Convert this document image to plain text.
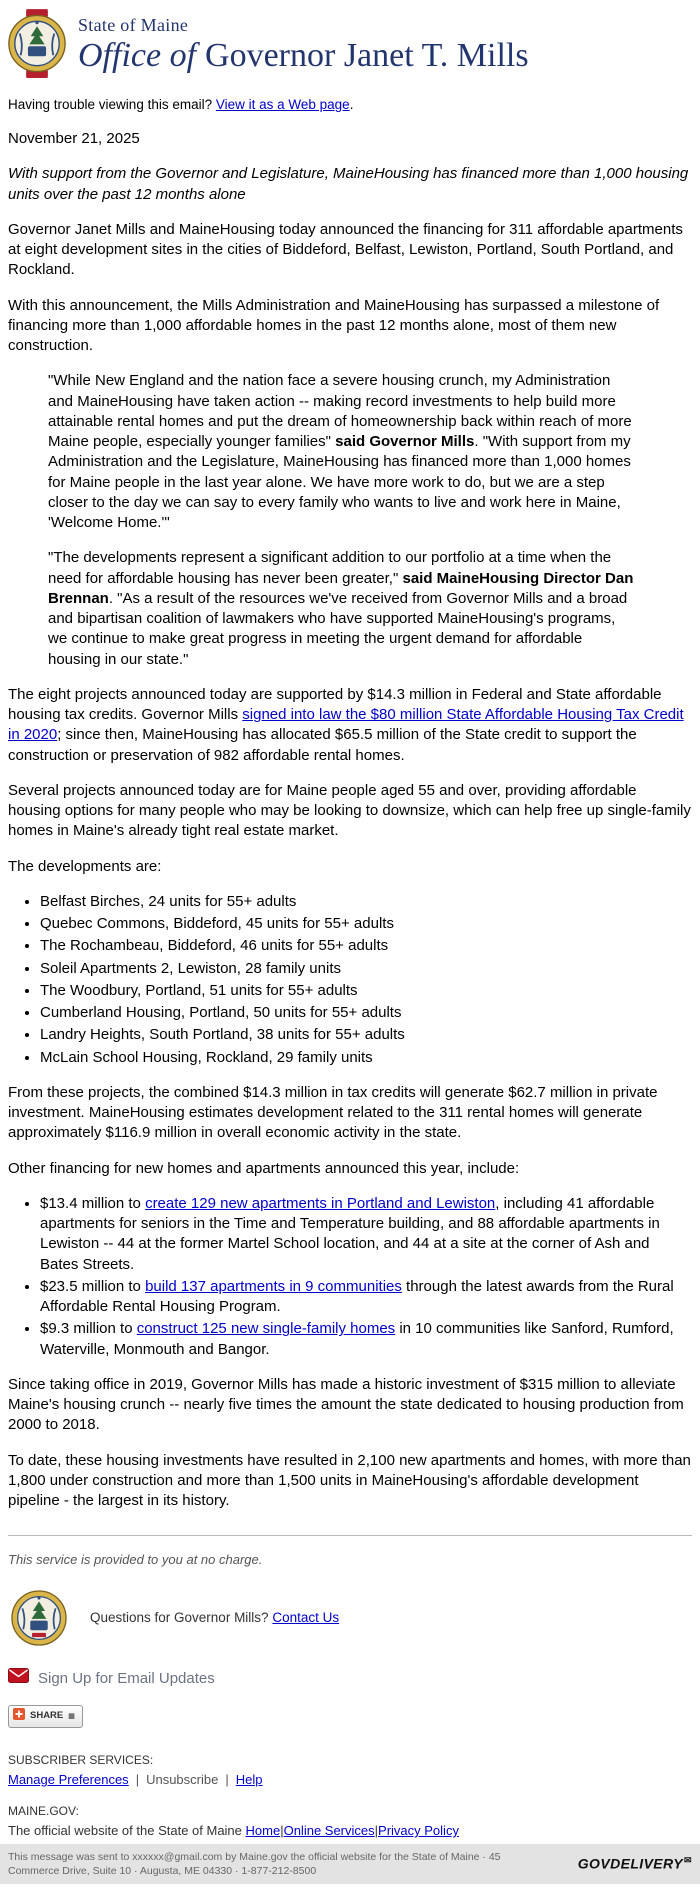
State of Maine
Office of Governor Janet T. Mills

Having trouble viewing this email? View it as a Web page.

November 21, 2025

With support from the Governor and Legislature, MaineHousing has financed more than 1,000 housing units over the past 12 months alone

Governor Janet Mills and MaineHousing today announced the financing for 311 affordable apartments at eight development sites in the cities of Biddeford, Belfast, Lewiston, Portland, South Portland, and Rockland.

With this announcement, the Mills Administration and MaineHousing has surpassed a milestone of financing more than 1,000 affordable homes in the past 12 months alone, most of them new construction.

"While New England and the nation face a severe housing crunch, my Administration and MaineHousing have taken action -- making record investments to help build more attainable rental homes and put the dream of homeownership back within reach of more Maine people, especially younger families" said Governor Mills. "With support from my Administration and the Legislature, MaineHousing has financed more than 1,000 homes for Maine people in the last year alone. We have more work to do, but we are a step closer to the day we can say to every family who wants to live and work here in Maine, 'Welcome Home.'"
"The developments represent a significant addition to our portfolio at a time when the need for affordable housing has never been greater," said MaineHousing Director Dan Brennan. "As a result of the resources we've received from Governor Mills and a broad and bipartisan coalition of lawmakers who have supported MaineHousing's programs, we continue to make great progress in meeting the urgent demand for affordable housing in our state."

The eight projects announced today are supported by $14.3 million in Federal and State affordable housing tax credits. Governor Mills signed into law the $80 million State Affordable Housing Tax Credit in 2020; since then, MaineHousing has allocated $65.5 million of the State credit to support the construction or preservation of 982 affordable rental homes.

Several projects announced today are for Maine people aged 55 and over, providing affordable housing options for many people who may be looking to downsize, which can help free up single-family homes in Maine's already tight real estate market.

The developments are:

• Belfast Birches, 24 units for 55+ adults
• Quebec Commons, Biddeford, 45 units for 55+ adults
• The Rochambeau, Biddeford, 46 units for 55+ adults
• Soleil Apartments 2, Lewiston, 28 family units
• The Woodbury, Portland, 51 units for 55+ adults
• Cumberland Housing, Portland, 50 units for 55+ adults
• Landry Heights, South Portland, 38 units for 55+ adults
• McLain School Housing, Rockland, 29 family units

From these projects, the combined $14.3 million in tax credits will generate $62.7 million in private investment. MaineHousing estimates development related to the 311 rental homes will generate approximately $116.9 million in overall economic activity in the state.

Other financing for new homes and apartments announced this year, include:

• $13.4 million to create 129 new apartments in Portland and Lewiston, including 41 affordable apartments for seniors in the Time and Temperature building, and 88 affordable apartments in Lewiston -- 44 at the former Martel School location, and 44 at a site at the corner of Ash and Bates Streets.
• $23.5 million to build 137 apartments in 9 communities through the latest awards from the Rural Affordable Rental Housing Program.
• $9.3 million to construct 125 new single-family homes in 10 communities like Sanford, Rumford, Waterville, Monmouth and Bangor.

Since taking office in 2019, Governor Mills has made a historic investment of $315 million to alleviate Maine's housing crunch -- nearly five times the amount the state dedicated to housing production from 2000 to 2018.

To date, these housing investments have resulted in 2,100 new apartments and homes, with more than 1,800 under construction and more than 1,500 units in MaineHousing's affordable development pipeline - the largest in its history.

This service is provided to you at no charge.

Questions for Governor Mills? Contact Us
Sign Up for Email Updates
SHARE ▦
SUBSCRIBER SERVICES:
Manage Preferences | Unsubscribe | Help
MAINE.GOV:
The official website of the State of Maine Home|Online Services|Privacy Policy
This message was sent to xxxxxx@gmail.com by Maine.gov the official website for the State of Maine · 45 Commerce Drive, Suite 10 · Augusta, ME 04330 · 1-877-212-8500	GOVDELIVERY✉
